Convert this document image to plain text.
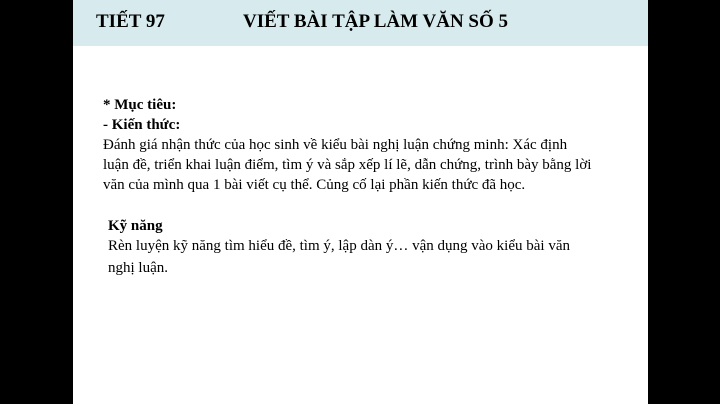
TIẾT 97	VIẾT BÀI TẬP LÀM VĂN SỐ 5
* Mục tiêu:
- Kiến thức:
Đánh giá nhận thức của học sinh về kiểu bài nghị luận chứng minh: Xác định
luận đề, triển khai luận điểm, tìm ý và sắp xếp lí lẽ, dẫn chứng, trình bày bằng lời
văn của mình qua 1 bài viết cụ thể. Củng cố lại phần kiến thức đã học.
Kỹ năng
Rèn luyện kỹ năng tìm hiểu đề, tìm ý, lập dàn ý… vận dụng vào kiểu bài văn
nghị luận.
